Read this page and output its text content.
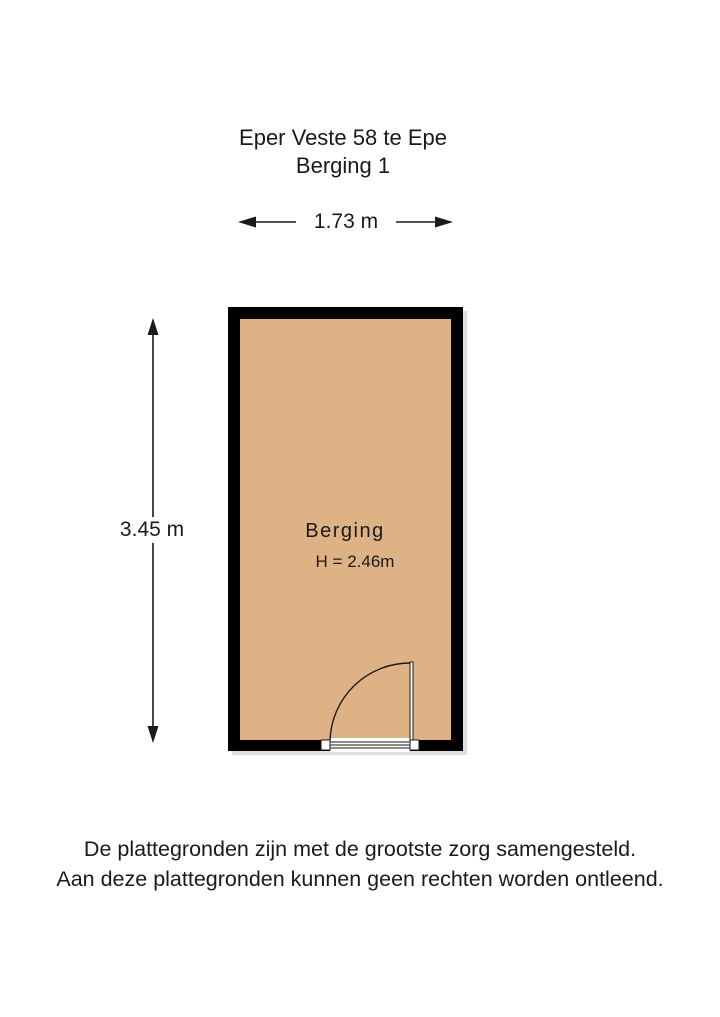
Eper Veste 58 te Epe
Berging 1
1.73 m
3.45 m	Berging
H = 2.46m
De plattegronden zijn met de grootste zorg samengesteld.
Aan deze plattegronden kunnen geen rechten worden ontleend.
